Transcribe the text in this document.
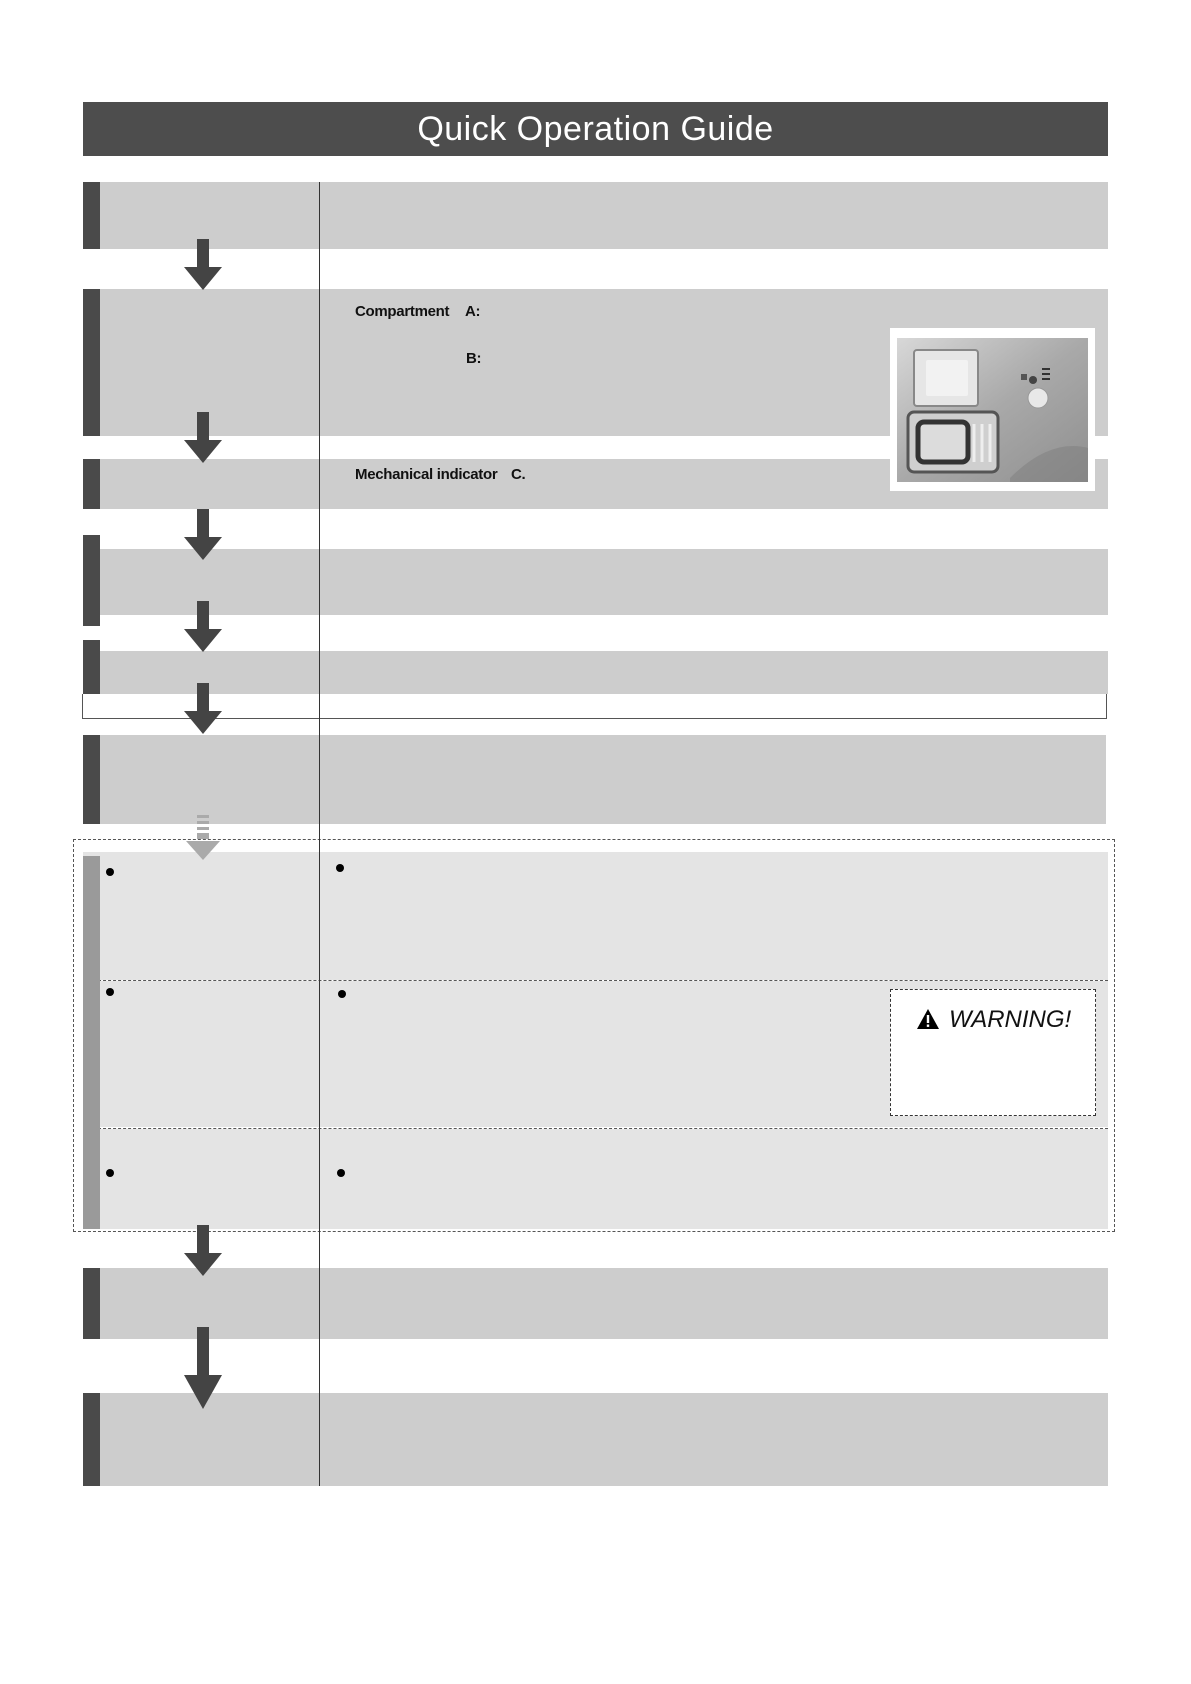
Quick Operation Guide
Compartment A:
B:
Mechanical indicator C.
WARNING!
